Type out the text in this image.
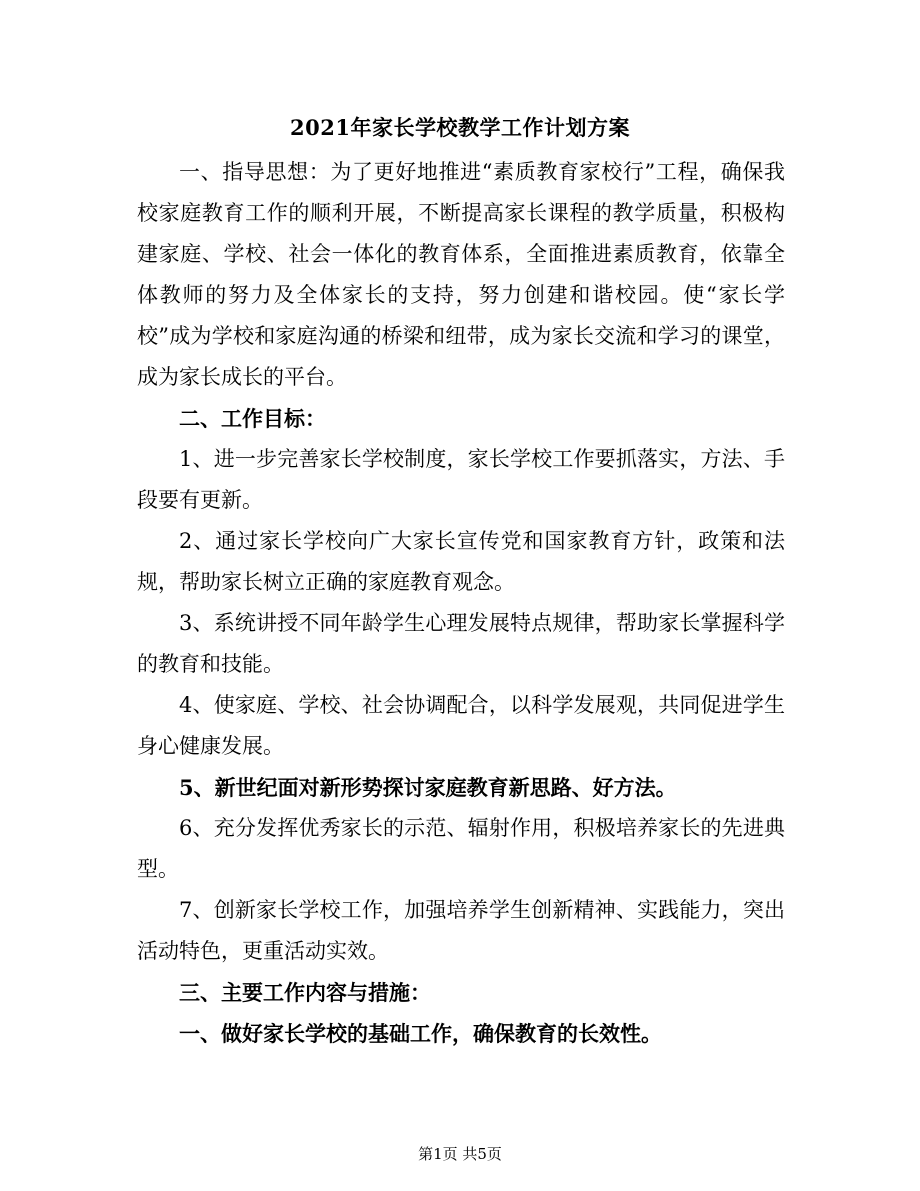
2021年家长学校教学工作计划方案

一、指导思想：为了更好地推进“素质教育家校行”工程，确保我校家庭教育工作的顺利开展，不断提高家长课程的教学质量，积极构建家庭、学校、社会一体化的教育体系，全面推进素质教育，依靠全体教师的努力及全体家长的支持，努力创建和谐校园。使“家长学校”成为学校和家庭沟通的桥梁和纽带，成为家长交流和学习的课堂，成为家长成长的平台。

二、工作目标：

1、进一步完善家长学校制度，家长学校工作要抓落实，方法、手段要有更新。

2、通过家长学校向广大家长宣传党和国家教育方针，政策和法规，帮助家长树立正确的家庭教育观念。

3、系统讲授不同年龄学生心理发展特点规律，帮助家长掌握科学的教育和技能。

4、使家庭、学校、社会协调配合，以科学发展观，共同促进学生身心健康发展。

5、新世纪面对新形势探讨家庭教育新思路、好方法。

6、充分发挥优秀家长的示范、辐射作用，积极培养家长的先进典型。

7、创新家长学校工作，加强培养学生创新精神、实践能力，突出活动特色，更重活动实效。

三、主要工作内容与措施：

一、做好家长学校的基础工作，确保教育的长效性。

第1页 共5页
